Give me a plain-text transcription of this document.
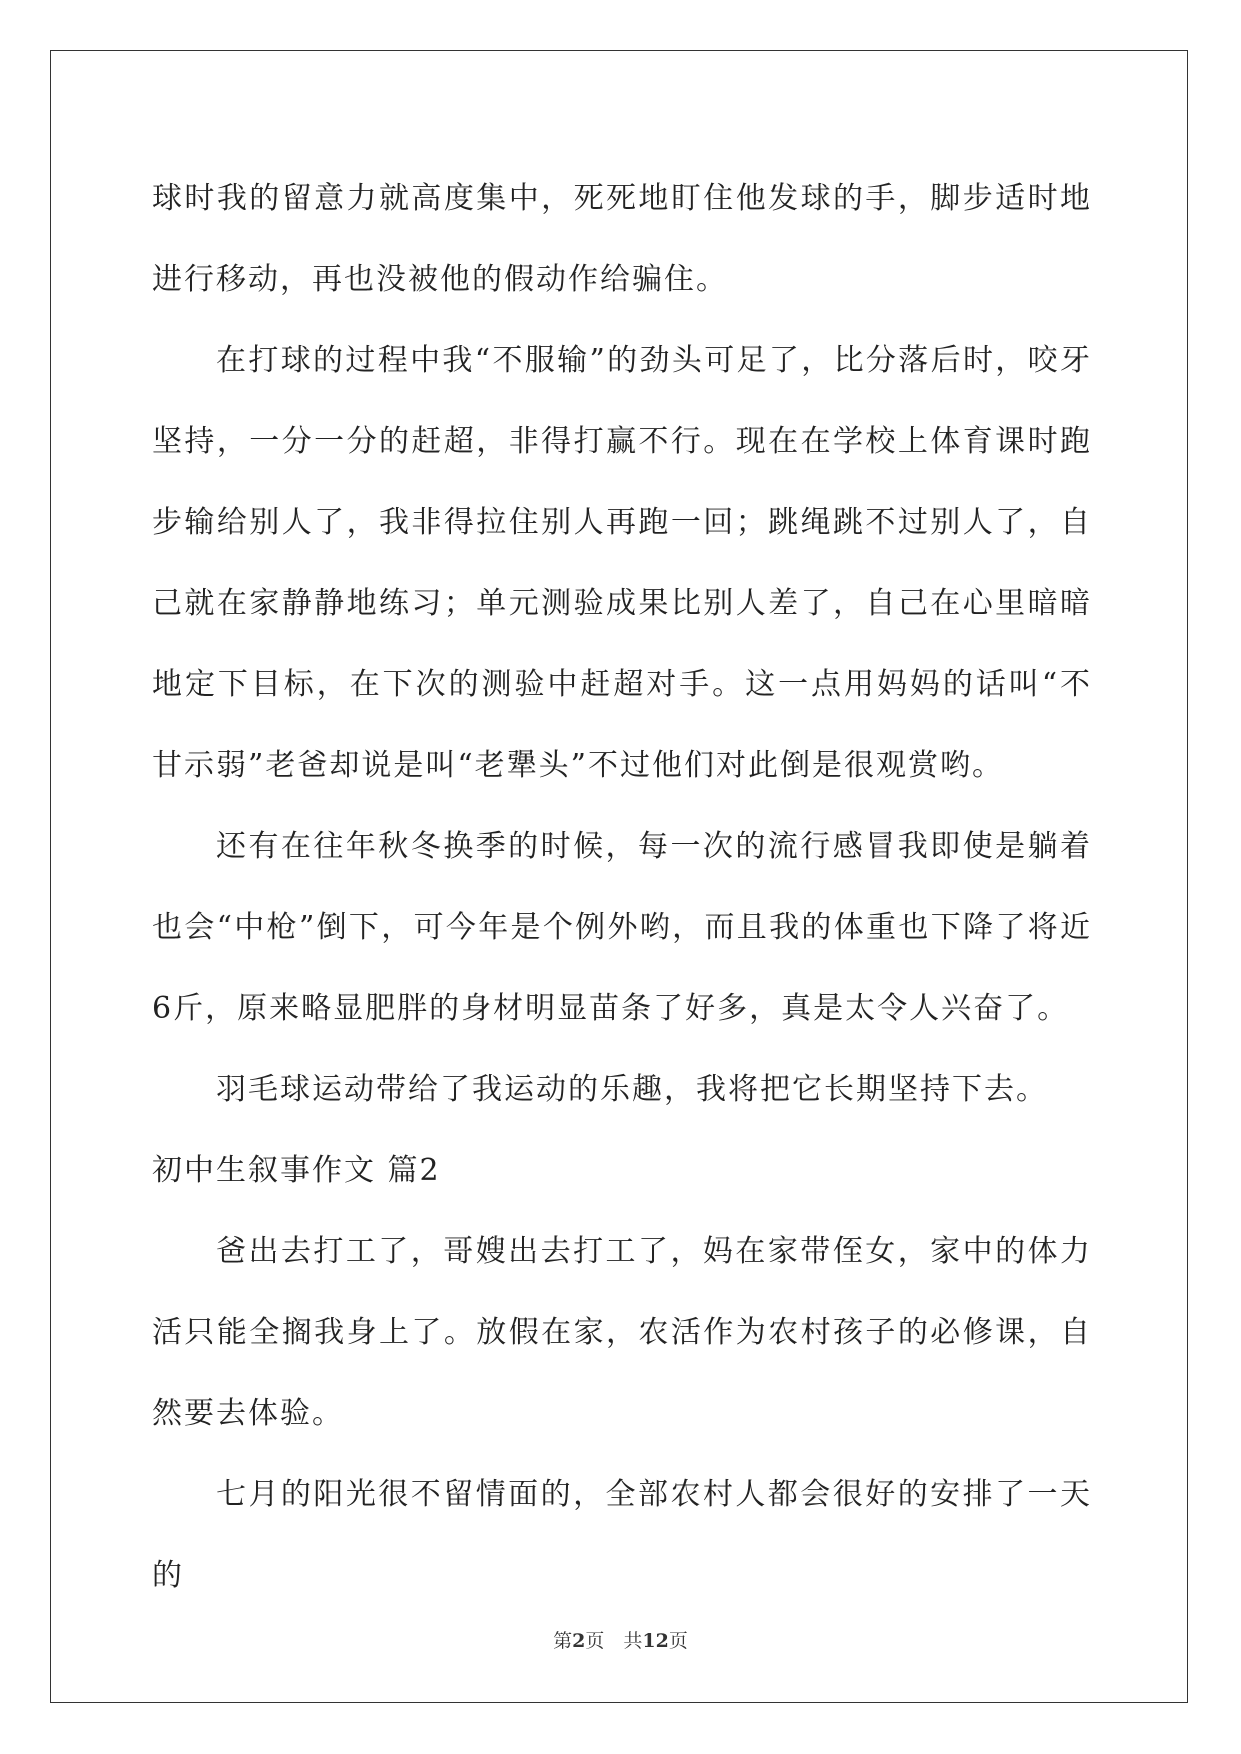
球时我的留意力就高度集中，死死地盯住他发球的手，脚步适时地进行移动，再也没被他的假动作给骗住。

在打球的过程中我“不服输”的劲头可足了，比分落后时，咬牙坚持，一分一分的赶超，非得打赢不行。现在在学校上体育课时跑步输给别人了，我非得拉住别人再跑一回；跳绳跳不过别人了，自己就在家静静地练习；单元测验成果比别人差了，自己在心里暗暗地定下目标，在下次的测验中赶超对手。这一点用妈妈的话叫“不甘示弱”老爸却说是叫“老犟头”不过他们对此倒是很观赏哟。

还有在往年秋冬换季的时候，每一次的流行感冒我即使是躺着也会“中枪”倒下，可今年是个例外哟，而且我的体重也下降了将近6斤，原来略显肥胖的身材明显苗条了好多，真是太令人兴奋了。

羽毛球运动带给了我运动的乐趣，我将把它长期坚持下去。

初中生叙事作文 篇2

爸出去打工了，哥嫂出去打工了，妈在家带侄女，家中的体力活只能全搁我身上了。放假在家，农活作为农村孩子的必修课，自然要去体验。

七月的阳光很不留情面的，全部农村人都会很好的安排了一天的

第2页　共12页
